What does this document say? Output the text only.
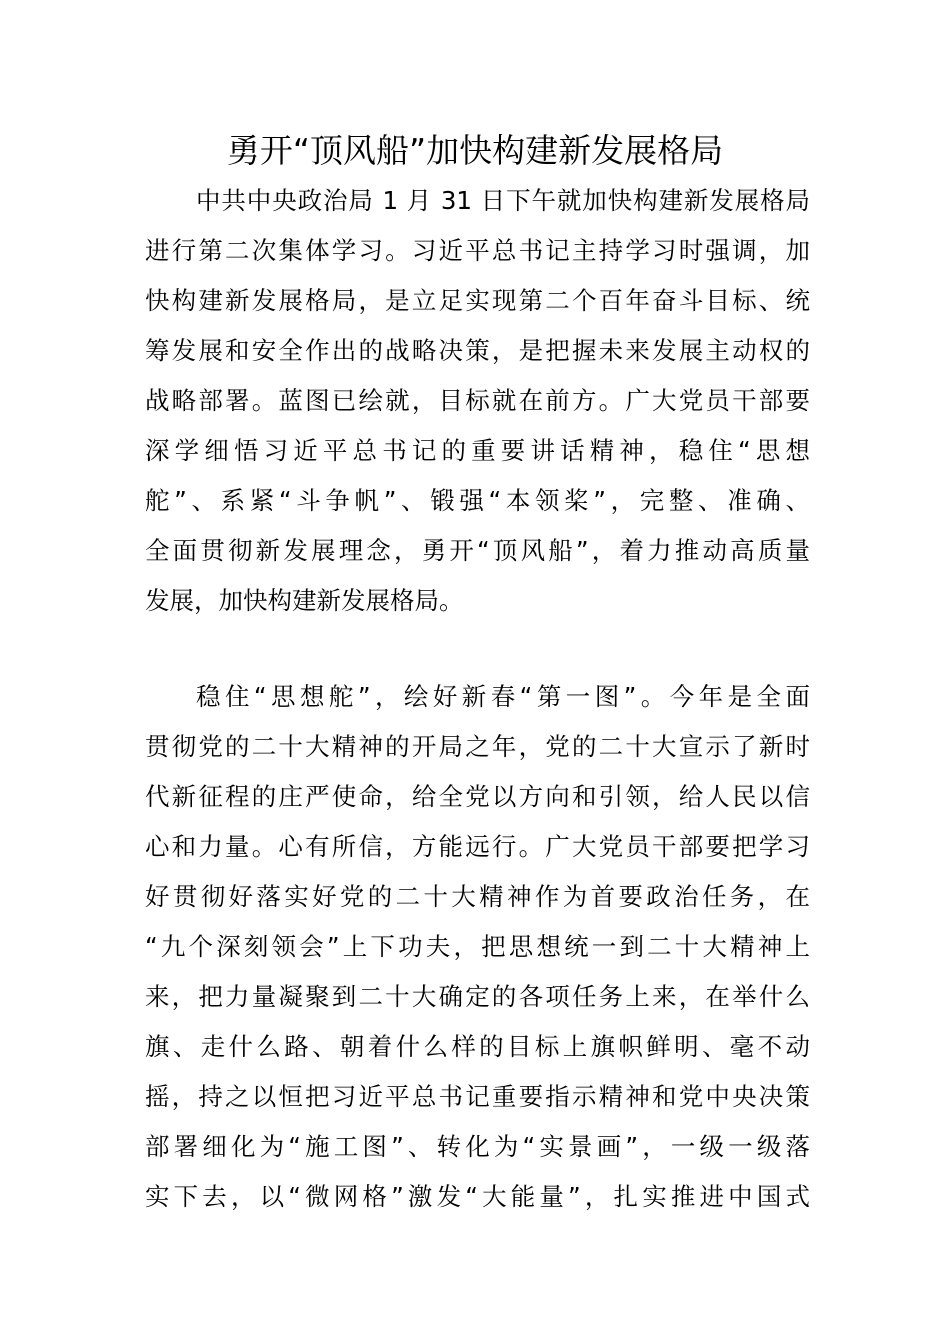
勇开“顶风船”加快构建新发展格局
中共中央政治局 1 月 31 日下午就加快构建新发展格局
进行第二次集体学习。习近平总书记主持学习时强调，加
快构建新发展格局，是立足实现第二个百年奋斗目标、统
筹发展和安全作出的战略决策，是把握未来发展主动权的
战略部署。蓝图已绘就，目标就在前方。广大党员干部要
深学细悟习近平总书记的重要讲话精神，稳住“思想
舵”、系紧“斗争帆”、锻强“本领桨”，完整、准确、
全面贯彻新发展理念，勇开“顶风船”，着力推动高质量
发展，加快构建新发展格局。
稳住“思想舵”，绘好新春“第一图”。今年是全面
贯彻党的二十大精神的开局之年，党的二十大宣示了新时
代新征程的庄严使命，给全党以方向和引领，给人民以信
心和力量。心有所信，方能远行。广大党员干部要把学习
好贯彻好落实好党的二十大精神作为首要政治任务，在
“九个深刻领会”上下功夫，把思想统一到二十大精神上
来，把力量凝聚到二十大确定的各项任务上来，在举什么
旗、走什么路、朝着什么样的目标上旗帜鲜明、毫不动
摇，持之以恒把习近平总书记重要指示精神和党中央决策
部署细化为“施工图”、转化为“实景画”，一级一级落
实下去，以“微网格”激发“大能量”，扎实推进中国式
